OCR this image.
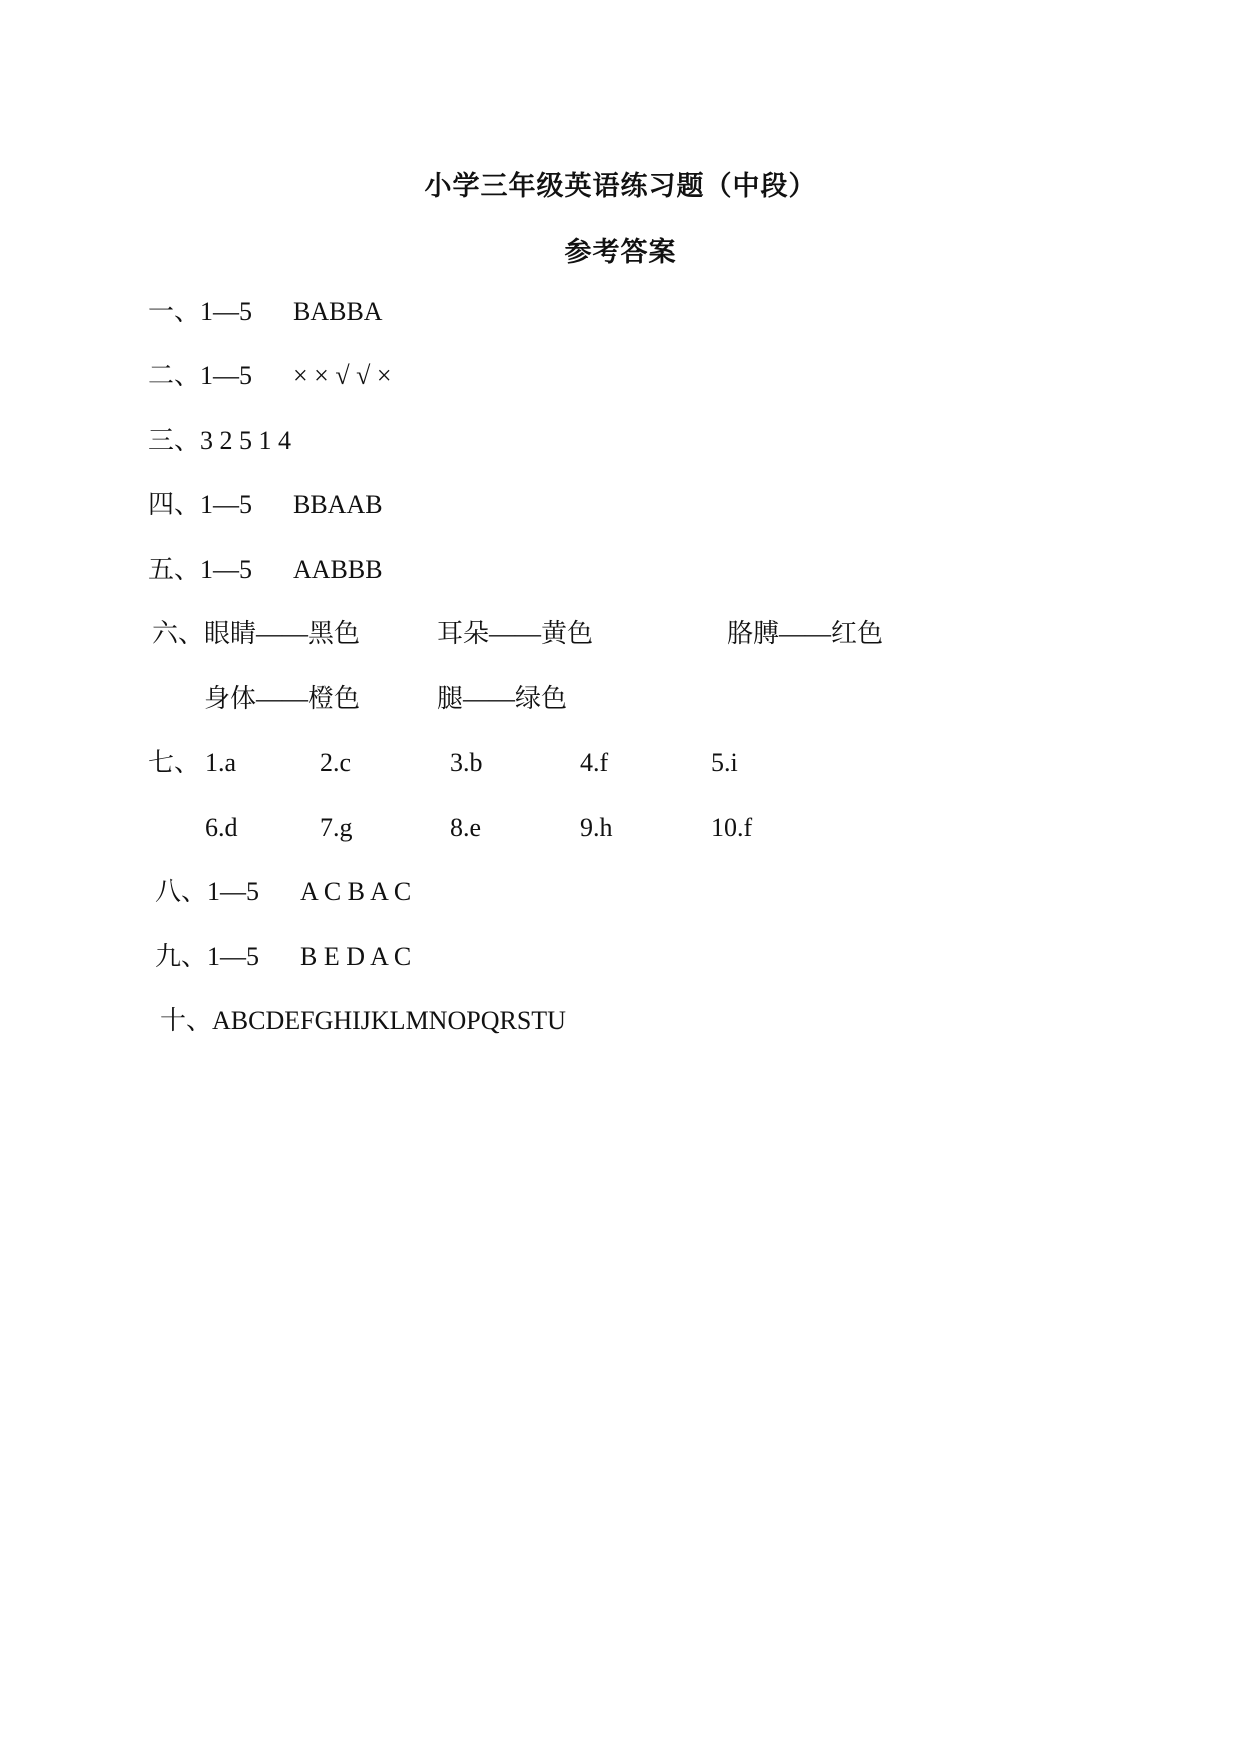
小学三年级英语练习题（中段）
参考答案
一、1—5 BABBA
二、1—5 × × √ √ ×
三、3 2 5 1 4
四、1—5 BBAAB
五、1—5 AABBB
六、 眼睛——黑色	耳朵——黄色	胳膊——红色
身体——橙色	腿——绿色
七、 1.a	2.c	3.b	4.f	5.i
6.d	7.g	8.e	9.h	10.f
八、1—5 A C B A C
九、1—5 B E D A C
十、ABCDEFGHIJKLMNOPQRSTU
